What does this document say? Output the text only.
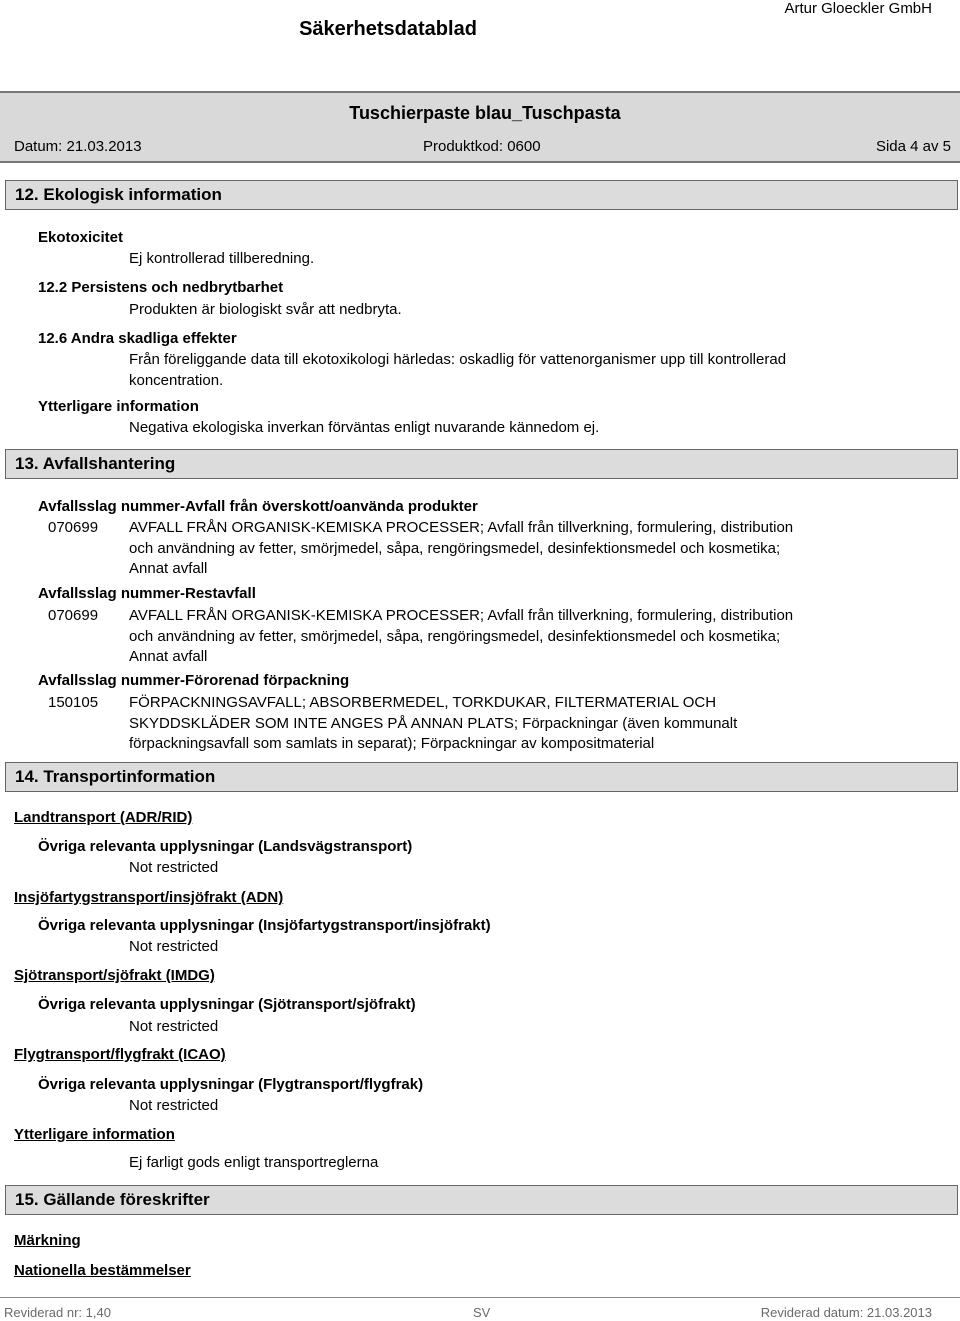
Säkerhetsdatablad
Artur Gloeckler GmbH
Tuschierpaste blau_Tuschpasta
Datum: 21.03.2013	Produktkod: 0600	Sida 4 av 5
12. Ekologisk information
Ekotoxicitet
Ej kontrollerad tillberedning.
12.2 Persistens och nedbrytbarhet
Produkten är biologiskt svår att nedbryta.
12.6 Andra skadliga effekter
Från föreliggande data till ekotoxikologi härledas: oskadlig för vattenorganismer upp till kontrollerad
koncentration.
Ytterligare information
Negativa ekologiska inverkan förväntas enligt nuvarande kännedom ej.
13. Avfallshantering
Avfallsslag nummer-Avfall från överskott/oanvända produkter
070699 AVFALL FRÅN ORGANISK-KEMISKA PROCESSER; Avfall från tillverkning, formulering, distribution
och användning av fetter, smörjmedel, såpa, rengöringsmedel, desinfektionsmedel och kosmetika;
Annat avfall
Avfallsslag nummer-Restavfall
070699 AVFALL FRÅN ORGANISK-KEMISKA PROCESSER; Avfall från tillverkning, formulering, distribution
och användning av fetter, smörjmedel, såpa, rengöringsmedel, desinfektionsmedel och kosmetika;
Annat avfall
Avfallsslag nummer-Förorenad förpackning
150105 FÖRPACKNINGSAVFALL; ABSORBERMEDEL, TORKDUKAR, FILTERMATERIAL OCH
SKYDDSKLÄDER SOM INTE ANGES PÅ ANNAN PLATS; Förpackningar (även kommunalt
förpackningsavfall som samlats in separat); Förpackningar av kompositmaterial
14. Transportinformation
Landtransport (ADR/RID)
Övriga relevanta upplysningar (Landsvägstransport)
Not restricted
Insjöfartygstransport/insjöfrakt (ADN)
Övriga relevanta upplysningar (Insjöfartygstransport/insjöfrakt)
Not restricted
Sjötransport/sjöfrakt (IMDG)
Övriga relevanta upplysningar (Sjötransport/sjöfrakt)
Not restricted
Flygtransport/flygfrakt (ICAO)
Övriga relevanta upplysningar (Flygtransport/flygfrak)
Not restricted
Ytterligare information
Ej farligt gods enligt transportreglerna
15. Gällande föreskrifter
Märkning
Nationella bestämmelser
Reviderad nr: 1,40	SV	Reviderad datum: 21.03.2013
